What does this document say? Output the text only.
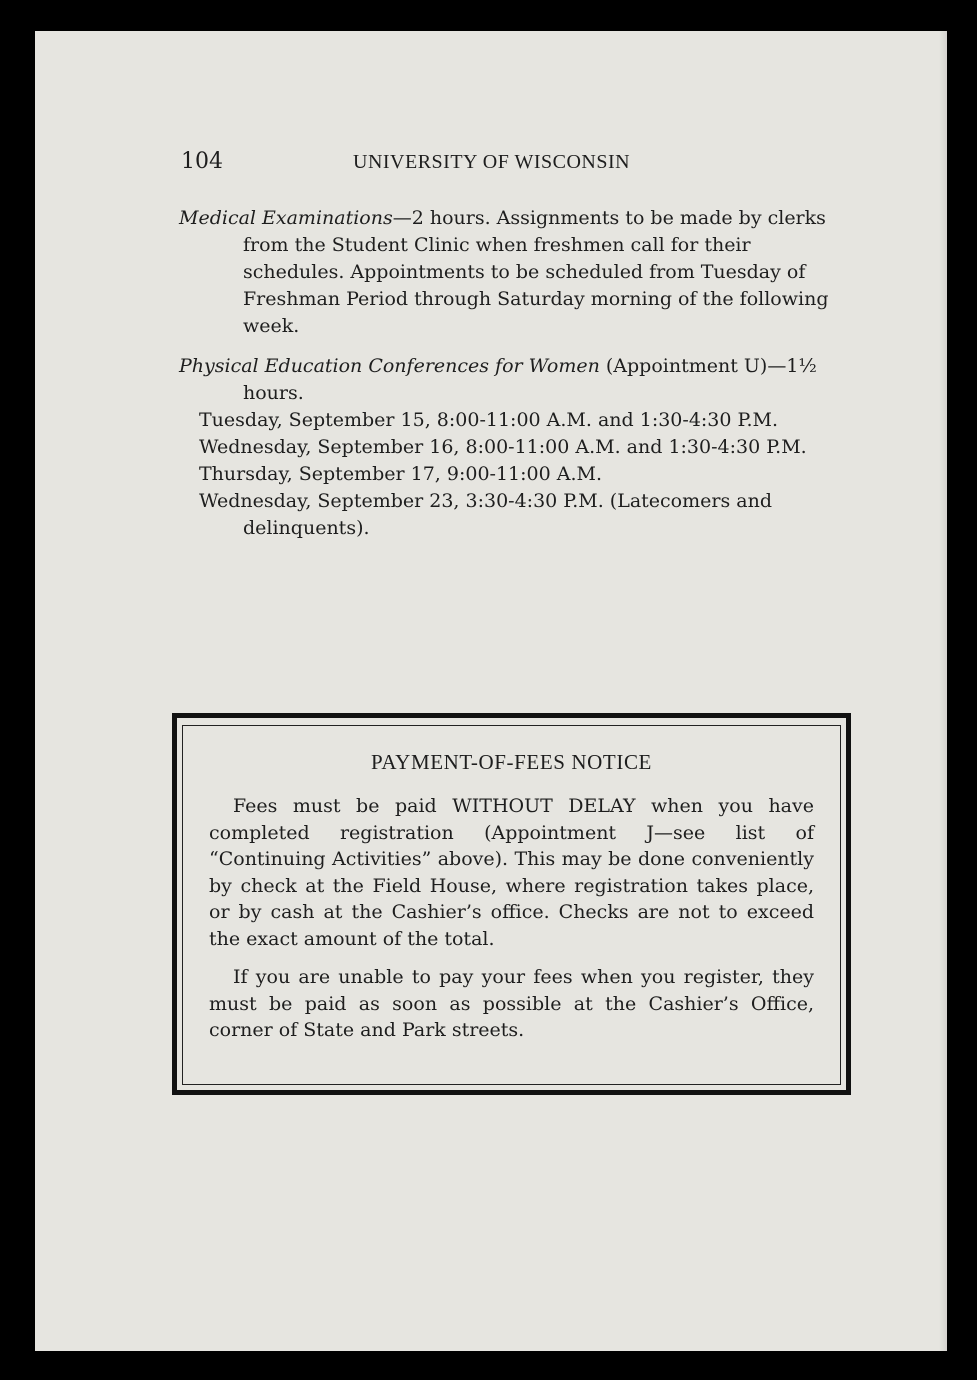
104	UNIVERSITY OF WISCONSIN

Medical Examinations—2 hours. Assignments to be made by clerks from the Student Clinic when freshmen call for their schedules. Appointments to be scheduled from Tuesday of Freshman Period through Saturday morning of the following week.

Physical Education Conferences for Women (Appointment U)—1½ hours.

Tuesday, September 15, 8:00-11:00 A.M. and 1:30-4:30 P.M.

Wednesday, September 16, 8:00-11:00 A.M. and 1:30-4:30 P.M.

Thursday, September 17, 9:00-11:00 A.M.

Wednesday, September 23, 3:30-4:30 P.M. (Latecomers and delinquents).

PAYMENT-OF-FEES NOTICE

Fees must be paid WITHOUT DELAY when you have completed registration (Appointment J—see list of “Continuing Activities” above). This may be done conveniently by check at the Field House, where registration takes place, or by cash at the Cashier’s office. Checks are not to exceed the exact amount of the total.

If you are unable to pay your fees when you register, they must be paid as soon as possible at the Cashier’s Office, corner of State and Park streets.
